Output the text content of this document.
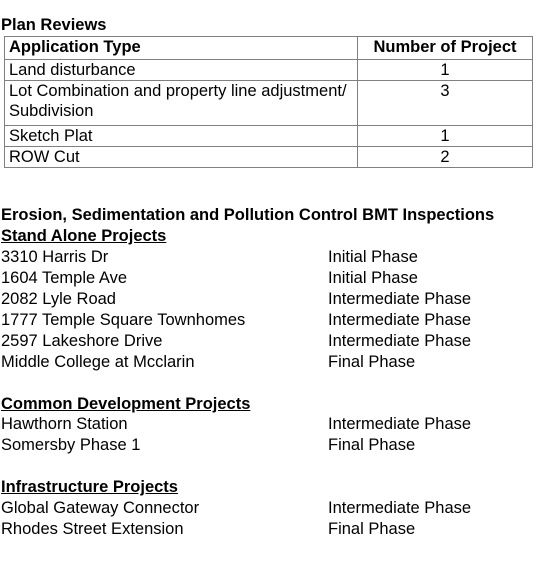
Plan Reviews
Application Type	Number of Project
Land disturbance	1
Lot Combination and property line adjustment/ Subdivision	3
Sketch Plat	1
ROW Cut	2
Erosion, Sedimentation and Pollution Control BMT Inspections
Stand Alone Projects
3310 Harris Dr	Initial Phase
1604 Temple Ave	Initial Phase
2082 Lyle Road	Intermediate Phase
1777 Temple Square Townhomes	Intermediate Phase
2597 Lakeshore Drive	Intermediate Phase
Middle College at Mcclarin	Final Phase
Common Development Projects
Hawthorn Station	Intermediate Phase
Somersby Phase 1	Final Phase
Infrastructure Projects
Global Gateway Connector	Intermediate Phase
Rhodes Street Extension	Final Phase
